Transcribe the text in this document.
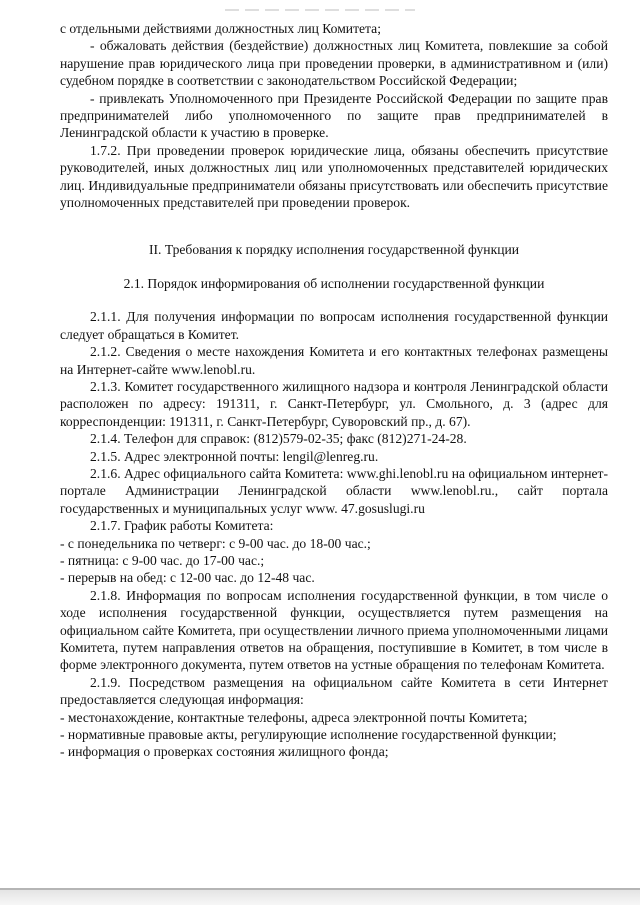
с отдельными действиями должностных лиц Комитета;

- обжаловать действия (бездействие) должностных лиц Комитета, повлекшие за собой нарушение прав юридического лица при проведении проверки, в административном и (или) судебном порядке в соответствии с законодательством Российской Федерации;

- привлекать Уполномоченного при Президенте Российской Федерации по защите прав предпринимателей либо уполномоченного по защите прав предпринимателей в Ленинградской области к участию в проверке.

1.7.2. При проведении проверок юридические лица, обязаны обеспечить присутствие руководителей, иных должностных лиц или уполномоченных представителей юридических лиц. Индивидуальные предприниматели обязаны присутствовать или обеспечить присутствие уполномоченных представителей при проведении проверок.

II. Требования к порядку исполнения государственной функции

2.1. Порядок информирования об исполнении государственной функции

2.1.1. Для получения информации по вопросам исполнения государственной функции следует обращаться в Комитет.

2.1.2. Сведения о месте нахождения Комитета и его контактных телефонах размещены на Интернет-сайте www.lenobl.ru.

2.1.3. Комитет государственного жилищного надзора и контроля Ленинградской области расположен по адресу: 191311, г. Санкт-Петербург, ул. Смольного, д. 3 (адрес для корреспонденции: 191311, г. Санкт-Петербург, Суворовский пр., д. 67).

2.1.4. Телефон для справок: (812)579-02-35; факс (812)271-24-28.

2.1.5. Адрес электронной почты: lengil@lenreg.ru.

2.1.6. Адрес официального сайта Комитета: www.ghi.lenobl.ru на официальном интернет-портале Администрации Ленинградской области www.lenobl.ru., сайт портала государственных и муниципальных услуг www. 47.gosuslugi.ru

2.1.7. График работы Комитета:

- с понедельника по четверг: с 9-00 час. до 18-00 час.;

- пятница: с 9-00 час. до 17-00 час.;

- перерыв на обед: с 12-00 час. до 12-48 час.

2.1.8. Информация по вопросам исполнения государственной функции, в том числе о ходе исполнения государственной функции, осуществляется путем размещения на официальном сайте Комитета, при осуществлении личного приема уполномоченными лицами Комитета, путем направления ответов на обращения, поступившие в Комитет, в том числе в форме электронного документа, путем ответов на устные обращения по телефонам Комитета.

2.1.9. Посредством размещения на официальном сайте Комитета в сети Интернет предоставляется следующая информация:

- местонахождение, контактные телефоны, адреса электронной почты Комитета;

- нормативные правовые акты, регулирующие исполнение государственной функции;

- информация о проверках состояния жилищного фонда;
